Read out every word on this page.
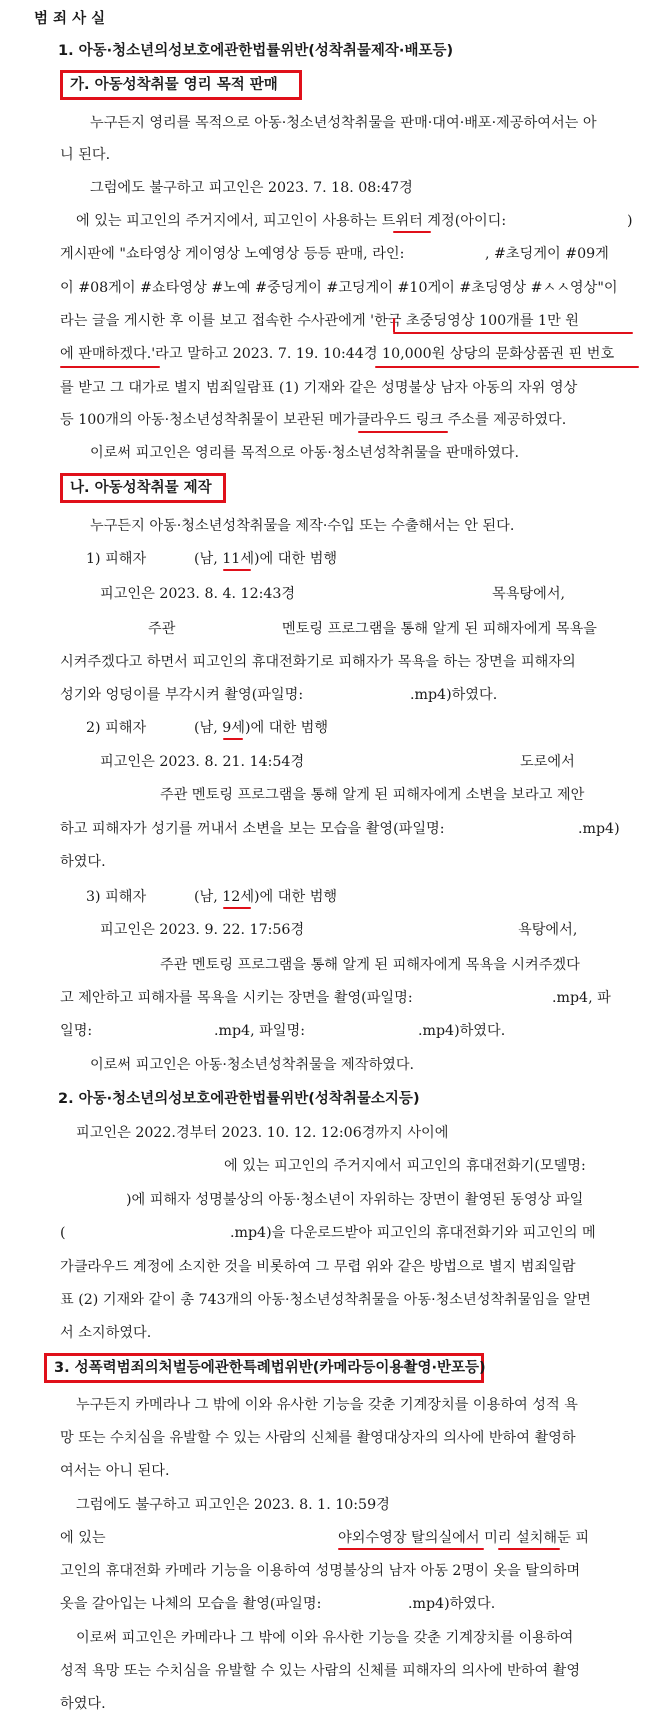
범 죄 사 실
1. 아동·청소년의성보호에관한법률위반(성착취물제작·배포등)
가. 아동성착취물 영리 목적 판매
누구든지 영리를 목적으로 아동·청소년성착취물을 판매·대여·배포·제공하여서는 아
니 된다.
그럼에도 불구하고 피고인은 2023. 7. 18. 08:47경
에 있는 피고인의 주거지에서, 피고인이 사용하는 트위터 계정(아이디:	)
게시판에 "쇼타영상 게이영상 노예영상 등등 판매, 라인:	, #초딩게이 #09게
이 #08게이 #쇼타영상 #노예 #중딩게이 #고딩게이 #10게이 #초딩영상 #ㅅㅅ영상"이
라는 글을 게시한 후 이를 보고 접속한 수사관에게 '한국 초중딩영상 100개를 1만 원
에 판매하겠다.'라고 말하고 2023. 7. 19. 10:44경 10,000원 상당의 문화상품권 핀 번호
를 받고 그 대가로 별지 범죄일람표 (1) 기재와 같은 성명불상 남자 아동의 자위 영상
등 100개의 아동·청소년성착취물이 보관된 메가클라우드 링크 주소를 제공하였다.
이로써 피고인은 영리를 목적으로 아동·청소년성착취물을 판매하였다.
나. 아동성착취물 제작
누구든지 아동·청소년성착취물을 제작·수입 또는 수출해서는 안 된다.
1) 피해자	(남, 11세)에 대한 범행
피고인은 2023. 8. 4. 12:43경	목욕탕에서,
주관	멘토링 프로그램을 통해 알게 된 피해자에게 목욕을
시켜주겠다고 하면서 피고인의 휴대전화기로 피해자가 목욕을 하는 장면을 피해자의
성기와 엉덩이를 부각시켜 촬영(파일명:	.mp4)하였다.
2) 피해자	(남, 9세)에 대한 범행
피고인은 2023. 8. 21. 14:54경	도로에서
주관 멘토링 프로그램을 통해 알게 된 피해자에게 소변을 보라고 제안
하고 피해자가 성기를 꺼내서 소변을 보는 모습을 촬영(파일명:	.mp4)
하였다.
3) 피해자	(남, 12세)에 대한 범행
피고인은 2023. 9. 22. 17:56경	욕탕에서,
주관 멘토링 프로그램을 통해 알게 된 피해자에게 목욕을 시켜주겠다
고 제안하고 피해자를 목욕을 시키는 장면을 촬영(파일명:	.mp4, 파
일명:	.mp4, 파일명:	.mp4)하였다.
이로써 피고인은 아동·청소년성착취물을 제작하였다.
2. 아동·청소년의성보호에관한법률위반(성착취물소지등)
피고인은 2022.경부터 2023. 10. 12. 12:06경까지 사이에
에 있는 피고인의 주거지에서 피고인의 휴대전화기(모델명:
)에 피해자 성명불상의 아동·청소년이 자위하는 장면이 촬영된 동영상 파일
(	.mp4)을 다운로드받아 피고인의 휴대전화기와 피고인의 메
가클라우드 계정에 소지한 것을 비롯하여 그 무렵 위와 같은 방법으로 별지 범죄일람
표 (2) 기재와 같이 총 743개의 아동·청소년성착취물을 아동·청소년성착취물임을 알면
서 소지하였다.
3. 성폭력범죄의처벌등에관한특례법위반(카메라등이용촬영·반포등)
누구든지 카메라나 그 밖에 이와 유사한 기능을 갖춘 기계장치를 이용하여 성적 욕
망 또는 수치심을 유발할 수 있는 사람의 신체를 촬영대상자의 의사에 반하여 촬영하
여서는 아니 된다.
그럼에도 불구하고 피고인은 2023. 8. 1. 10:59경
에 있는	야외수영장 탈의실에서 미리 설치해둔 피
고인의 휴대전화 카메라 기능을 이용하여 성명불상의 남자 아동 2명이 옷을 탈의하며
옷을 갈아입는 나체의 모습을 촬영(파일명:	.mp4)하였다.
이로써 피고인은 카메라나 그 밖에 이와 유사한 기능을 갖춘 기계장치를 이용하여
성적 욕망 또는 수치심을 유발할 수 있는 사람의 신체를 피해자의 의사에 반하여 촬영
하였다.
